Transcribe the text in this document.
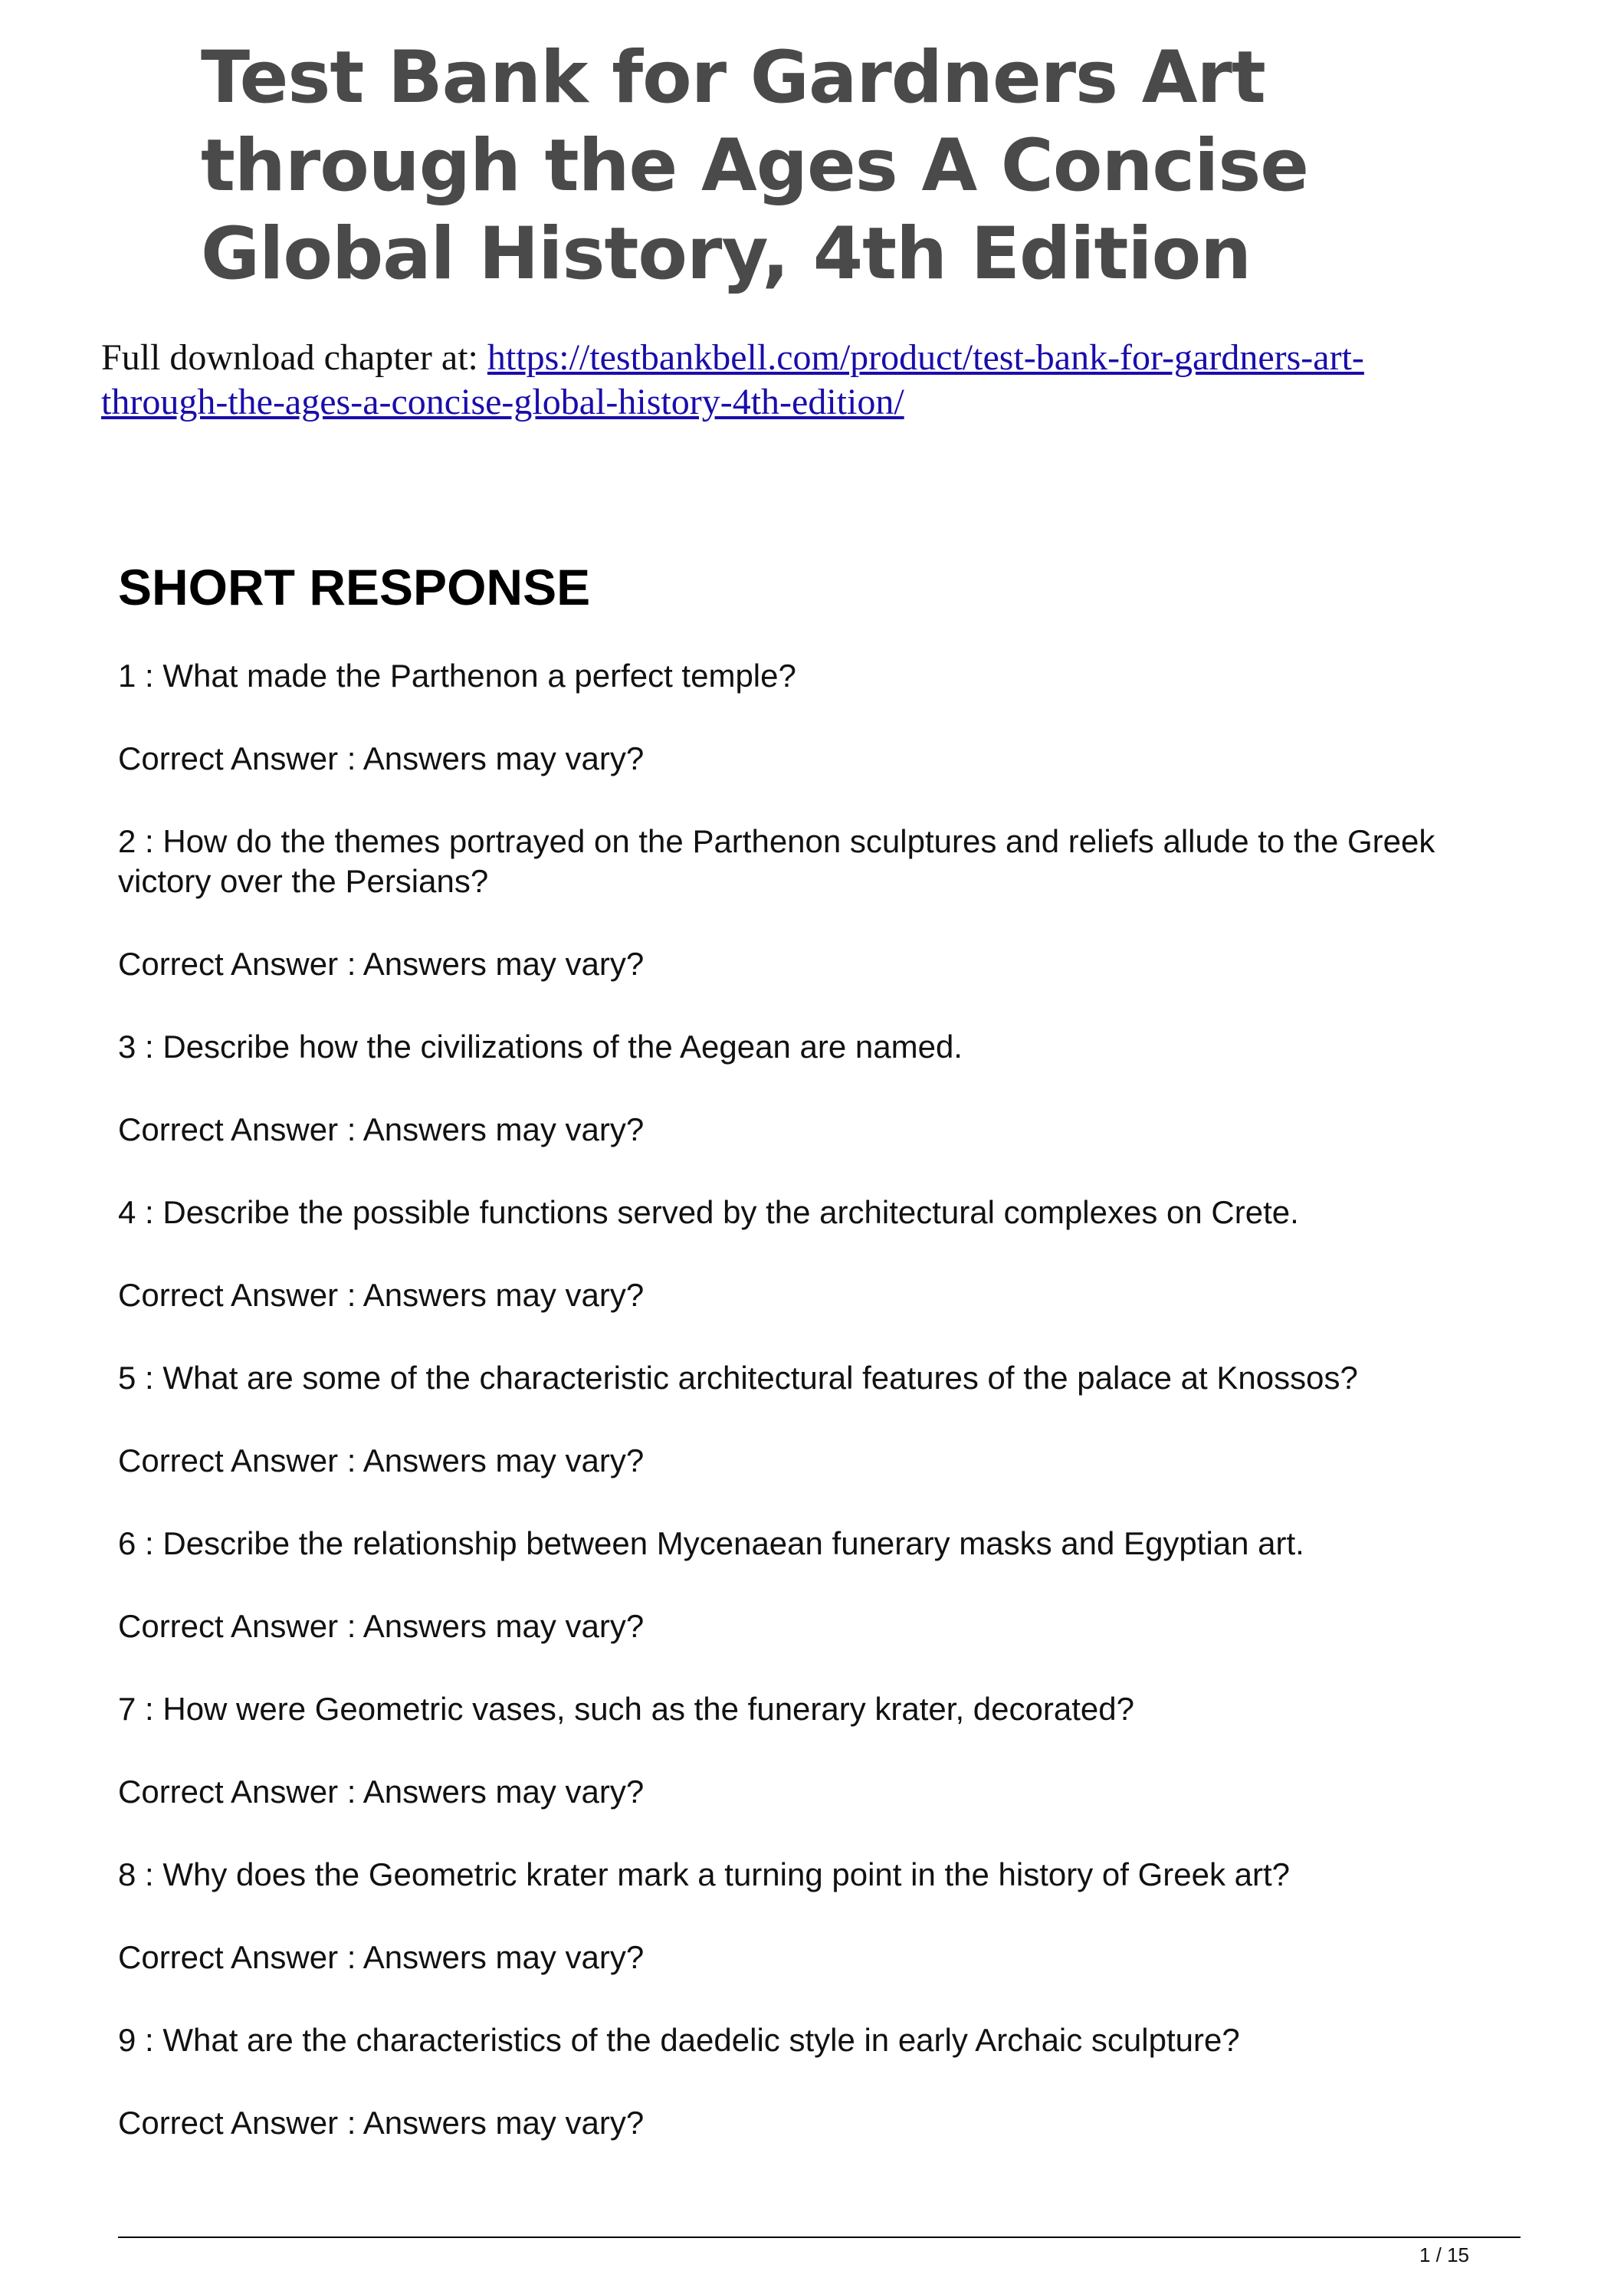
Test Bank for Gardners Art through the Ages A Concise Global History, 4th Edition

Full download chapter at: https://testbankbell.com/product/test-bank-for-gardners-art-through-the-ages-a-concise-global-history-4th-edition/

SHORT RESPONSE

1 : What made the Parthenon a perfect temple?

Correct Answer : Answers may vary?

2 : How do the themes portrayed on the Parthenon sculptures and reliefs allude to the Greek victory over the Persians?

Correct Answer : Answers may vary?

3 : Describe how the civilizations of the Aegean are named.

Correct Answer : Answers may vary?

4 : Describe the possible functions served by the architectural complexes on Crete.

Correct Answer : Answers may vary?

5 : What are some of the characteristic architectural features of the palace at Knossos?

Correct Answer : Answers may vary?

6 : Describe the relationship between Mycenaean funerary masks and Egyptian art.

Correct Answer : Answers may vary?

7 : How were Geometric vases, such as the funerary krater, decorated?

Correct Answer : Answers may vary?

8 : Why does the Geometric krater mark a turning point in the history of Greek art?

Correct Answer : Answers may vary?

9 : What are the characteristics of the daedelic style in early Archaic sculpture?

Correct Answer : Answers may vary?

1 / 15
